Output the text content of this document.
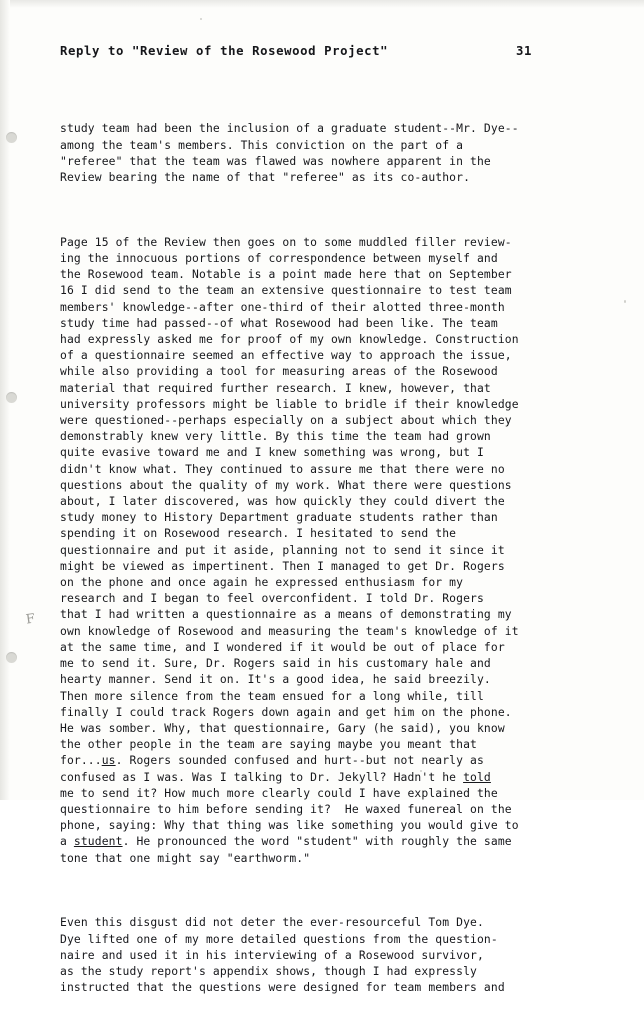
Reply to "Review of the Rosewood Project"	31

study team had been the inclusion of a graduate student--Mr. Dye--
among the team's members. This conviction on the part of a
"referee" that the team was flawed was nowhere apparent in the
Review bearing the name of that "referee" as its co-author.

Page 15 of the Review then goes on to some muddled filler review-
ing the innocuous portions of correspondence between myself and
the Rosewood team. Notable is a point made here that on September
16 I did send to the team an extensive questionnaire to test team
members' knowledge--after one-third of their alotted three-month
study time had passed--of what Rosewood had been like. The team
had expressly asked me for proof of my own knowledge. Construction
of a questionnaire seemed an effective way to approach the issue,
while also providing a tool for measuring areas of the Rosewood
material that required further research. I knew, however, that
university professors might be liable to bridle if their knowledge
were questioned--perhaps especially on a subject about which they
demonstrably knew very little. By this time the team had grown
quite evasive toward me and I knew something was wrong, but I
didn't know what. They continued to assure me that there were no
questions about the quality of my work. What there were questions
about, I later discovered, was how quickly they could divert the
study money to History Department graduate students rather than
spending it on Rosewood research. I hesitated to send the
questionnaire and put it aside, planning not to send it since it
might be viewed as impertinent. Then I managed to get Dr. Rogers
on the phone and once again he expressed enthusiasm for my
research and I began to feel overconfident. I told Dr. Rogers
that I had written a questionnaire as a means of demonstrating my
own knowledge of Rosewood and measuring the team's knowledge of it
at the same time, and I wondered if it would be out of place for
me to send it. Sure, Dr. Rogers said in his customary hale and
hearty manner. Send it on. It's a good idea, he said breezily.
Then more silence from the team ensued for a long while, till
finally I could track Rogers down again and get him on the phone.
He was somber. Why, that questionnaire, Gary (he said), you know
the other people in the team are saying maybe you meant that
for...us. Rogers sounded confused and hurt--but not nearly as
confused as I was. Was I talking to Dr. Jekyll? Hadn't he told
me to send it? How much more clearly could I have explained the
questionnaire to him before sending it?  He waxed funereal on the
phone, saying: Why that thing was like something you would give to
a student. He pronounced the word "student" with roughly the same
tone that one might say "earthworm."

Even this disgust did not deter the ever-resourceful Tom Dye.
Dye lifted one of my more detailed questions from the question-
naire and used it in his interviewing of a Rosewood survivor,
as the study report's appendix shows, though I had expressly
instructed that the questions were designed for team members and

F
